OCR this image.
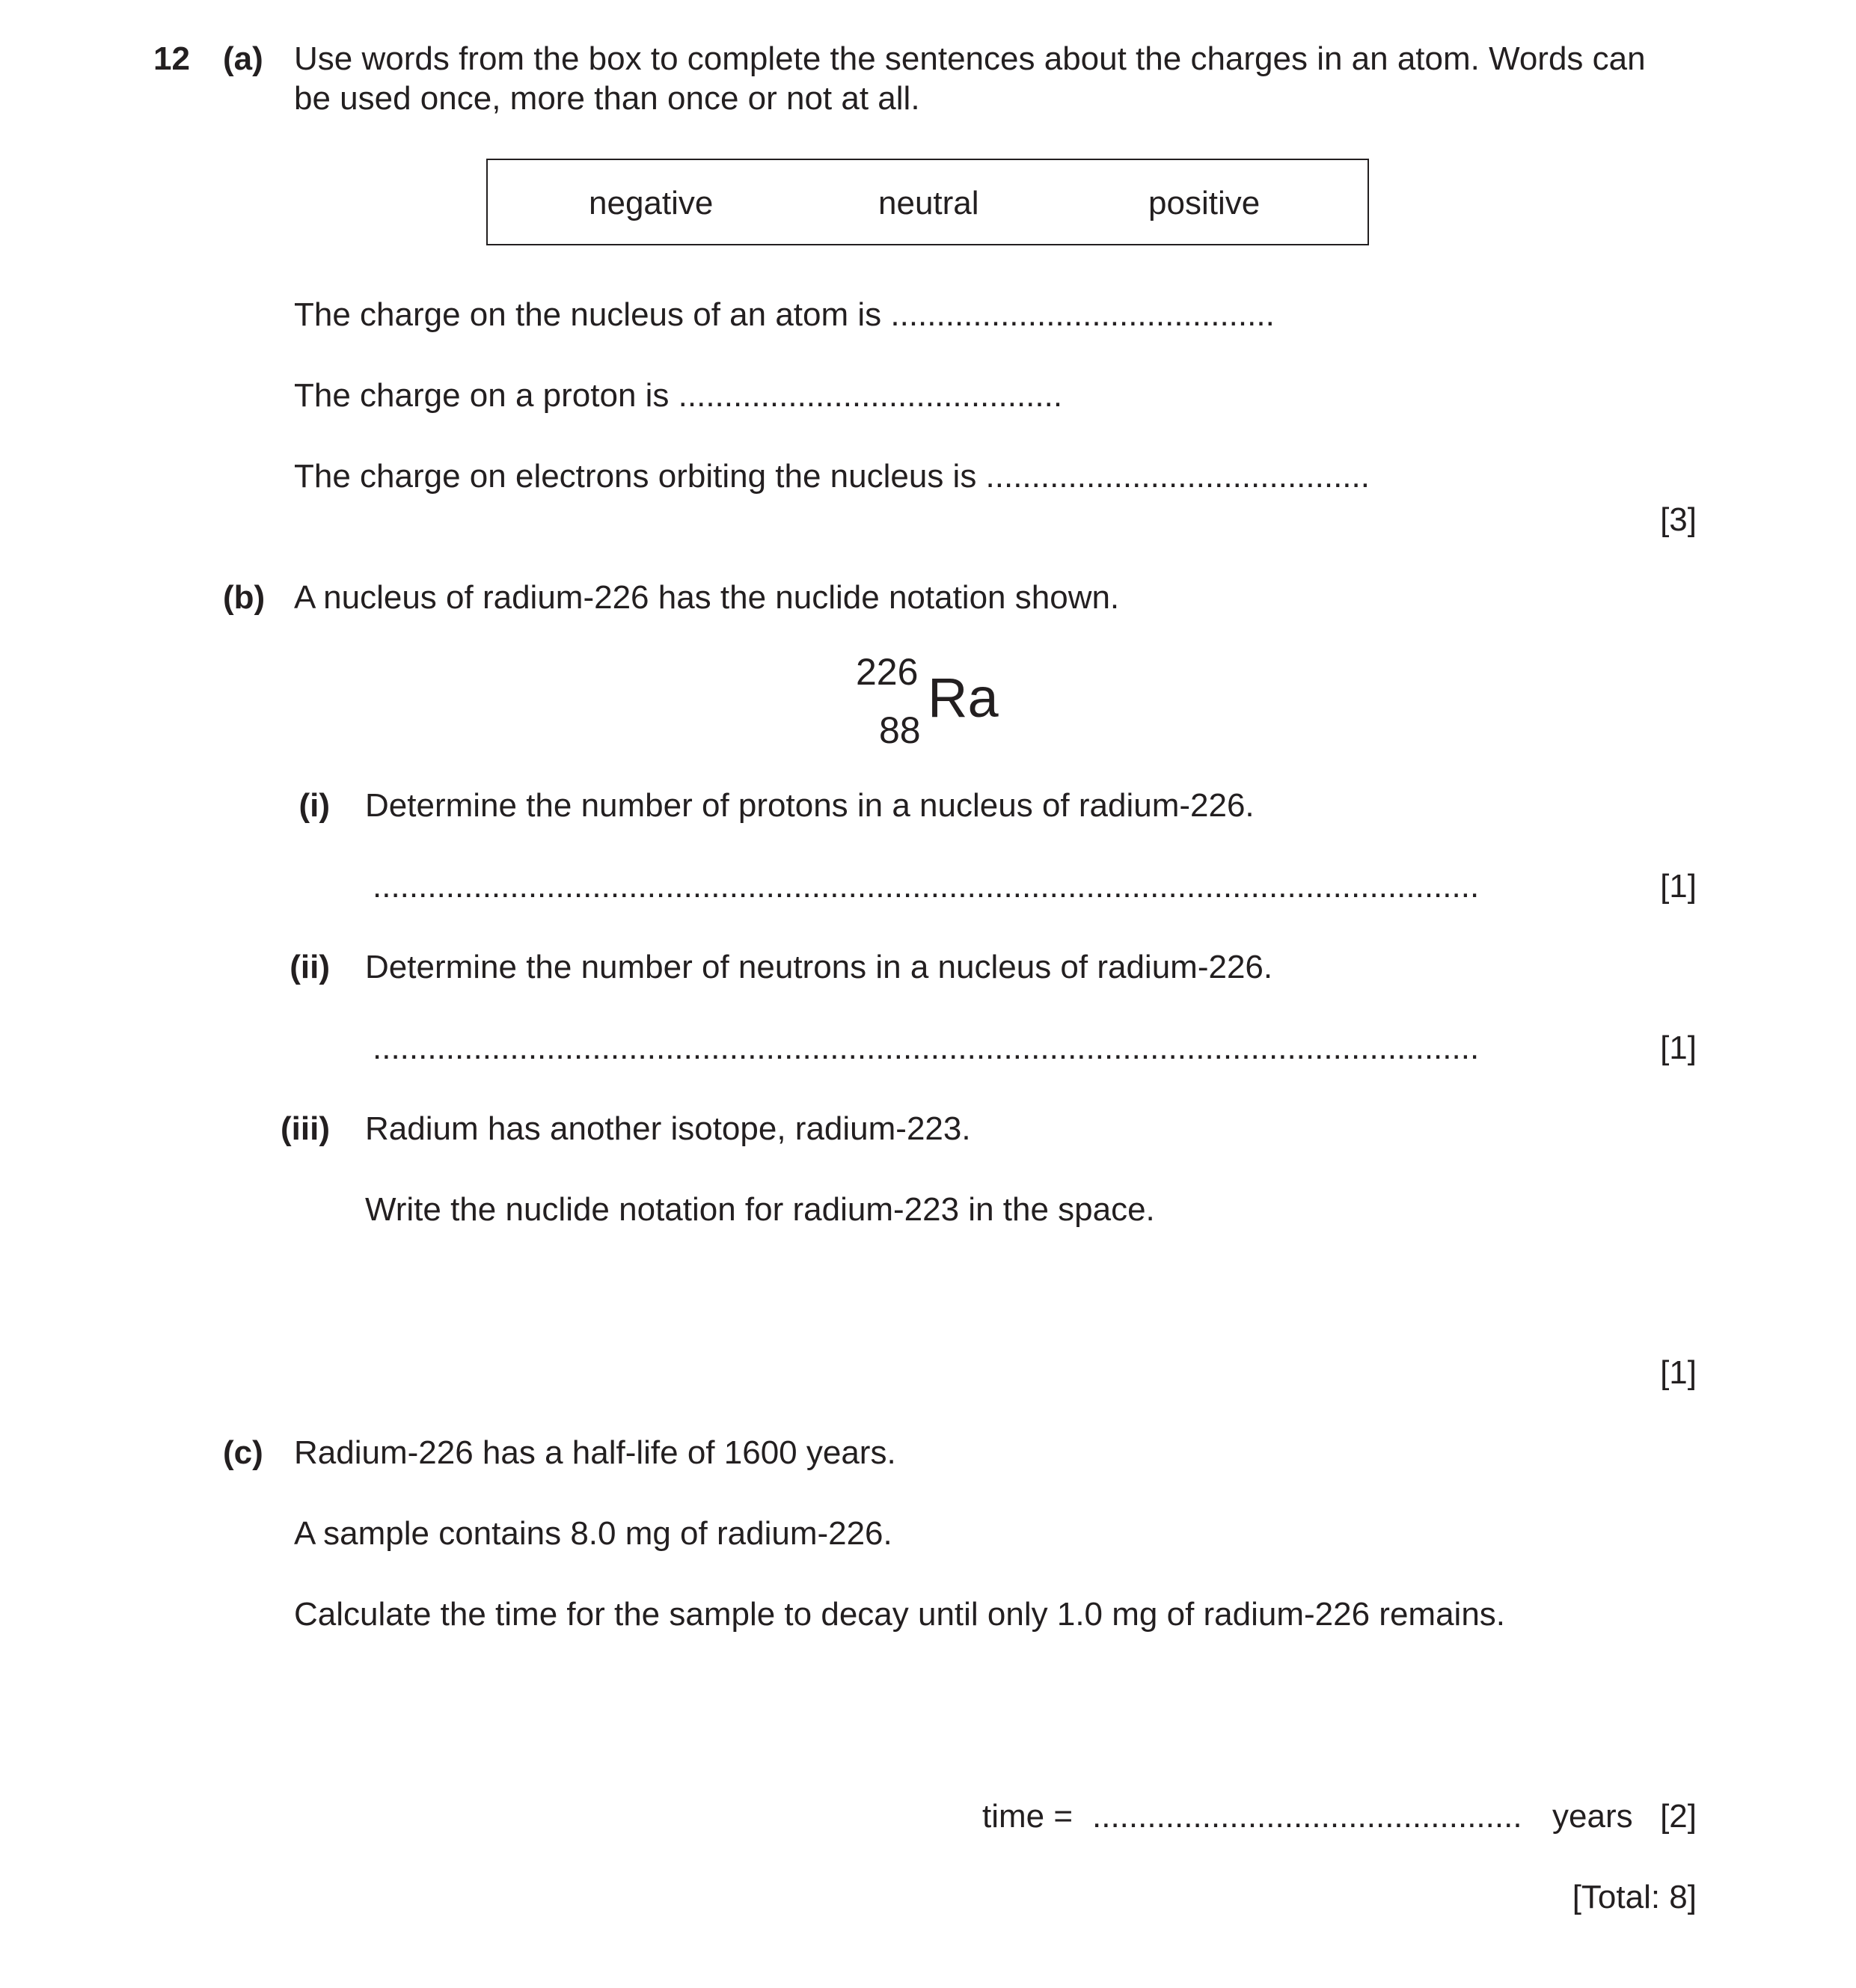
12 (a) Use words from the box to complete the sentences about the charges in an atom. Words can
be used once, more than once or not at all.
negative	neutral	positive
The charge on the nucleus of an atom is ..........................................
The charge on a proton is ..........................................
The charge on electrons orbiting the nucleus is ..........................................
[3]
(b) A nucleus of radium-226 has the nuclide notation shown.
226
88
Ra
(i) Determine the number of protons in a nucleus of radium-226.
.........................................................................................................................	[1]
(ii) Determine the number of neutrons in a nucleus of radium-226.
.........................................................................................................................	[1]
(iii) Radium has another isotope, radium-223.
Write the nuclide notation for radium-223 in the space.
[1]
(c) Radium-226 has a half-life of 1600 years.
A sample contains 8.0 mg of radium-226.
Calculate the time for the sample to decay until only 1.0 mg of radium-226 remains.
time = ............................................... years [2]
[Total: 8]
